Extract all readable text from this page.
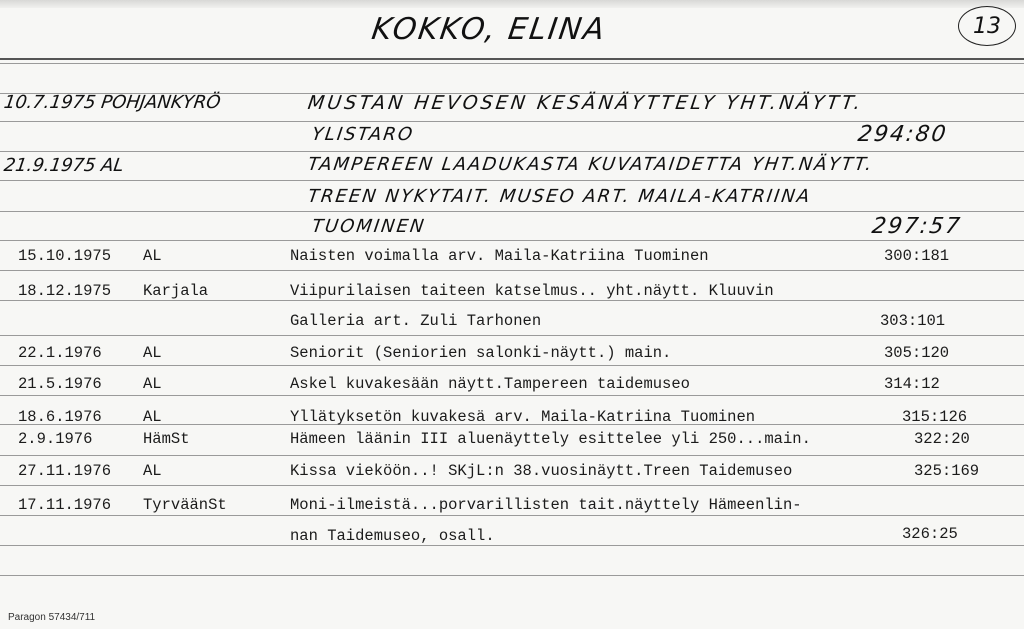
KOKKO, ELINA	13
10.7.1975 POHJANKYRÖ	MUSTAN HEVOSEN KESÄNÄYTTELY YHT.NÄYTT.
YLISTARO	294:80
21.9.1975 AL	TAMPEREEN LAADUKASTA KUVATAIDETTA YHT.NÄYTT.
TREEN NYKYTAIT. MUSEO ART. MAILA-KATRIINA
TUOMINEN	297:57
15.10.1975 AL	Naisten voimalla arv. Maila-Katriina Tuominen	300:181
18.12.1975 Karjala	Viipurilaisen taiteen katselmus.. yht.näytt. Kluuvin
Galleria art. Zuli Tarhonen	303:101
22.1.1976	AL	Seniorit (Seniorien salonki-näytt.) main.	305:120
21.5.1976	AL	Askel kuvakesään näytt.Tampereen taidemuseo	314:12
18.6.1976	AL	Yllätyksetön kuvakesä arv. Maila-Katriina Tuominen	315:126
2.9.1976	HämSt	Hämeen läänin III aluenäyttely esittelee yli 250...main.	322:20
27.11.1976 AL	Kissa vieköön..! SKjL:n 38.vuosinäytt.Treen Taidemuseo	325:169
17.11.1976 TyrväänSt	Moni-ilmeistä...porvarillisten tait.näyttely Hämeenlin-
nan Taidemuseo, osall.	326:25
Paragon 57434/711
